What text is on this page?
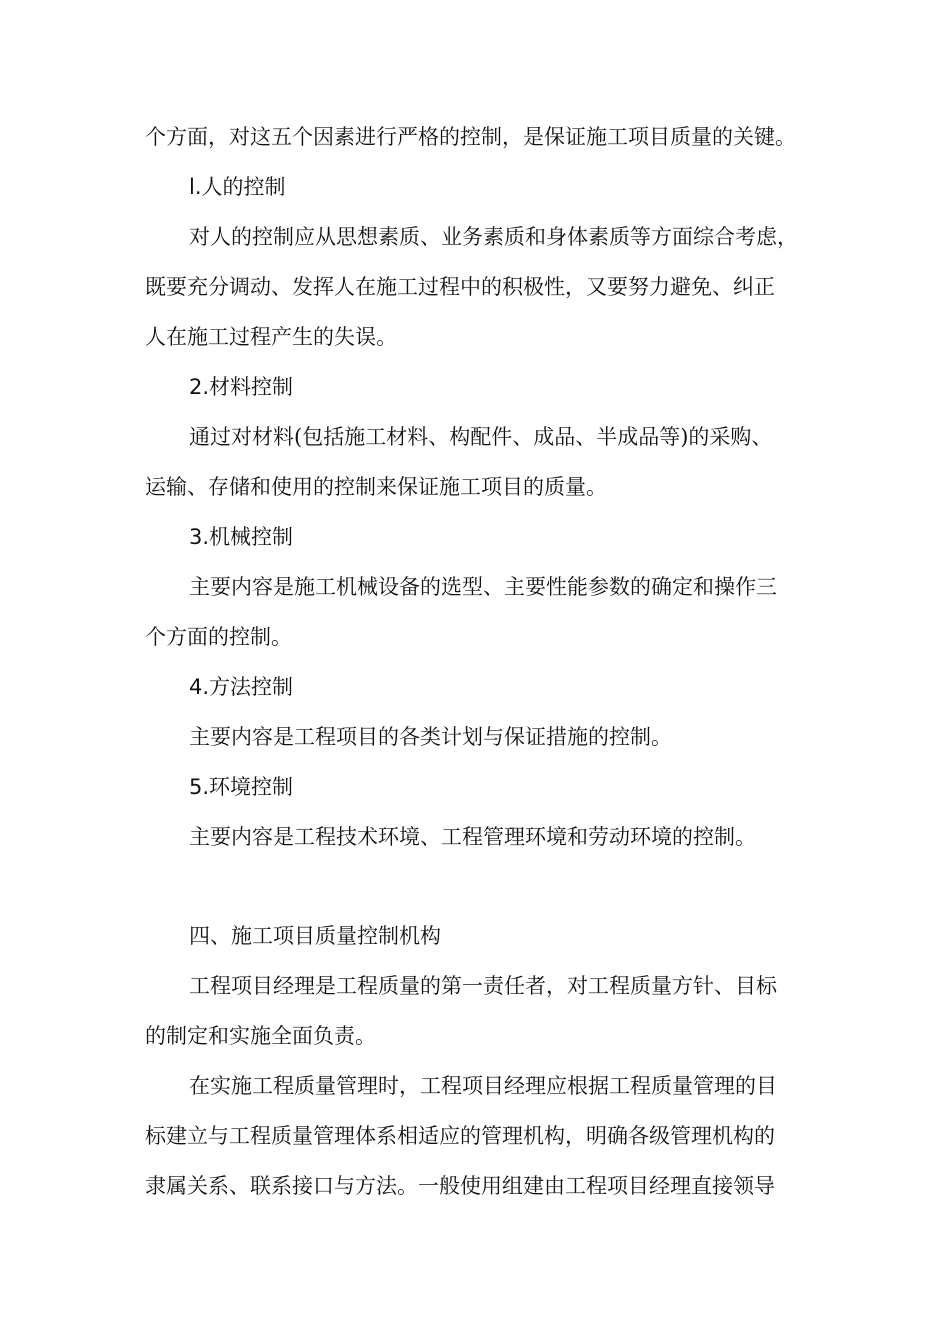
个方面，对这五个因素进行严格的控制，是保证施工项目质量的关键。
l.人的控制
对人的控制应从思想素质、业务素质和身体素质等方面综合考虑，
既要充分调动、发挥人在施工过程中的积极性，又要努力避免、纠正
人在施工过程产生的失误。
2.材料控制
通过对材料(包括施工材料、构配件、成品、半成品等)的采购、
运输、存储和使用的控制来保证施工项目的质量。
3.机械控制
主要内容是施工机械设备的选型、主要性能参数的确定和操作三
个方面的控制。
4.方法控制
主要内容是工程项目的各类计划与保证措施的控制。
5.环境控制
主要内容是工程技术环境、工程管理环境和劳动环境的控制。
四、施工项目质量控制机构
工程项目经理是工程质量的第一责任者，对工程质量方针、目标
的制定和实施全面负责。
在实施工程质量管理时，工程项目经理应根据工程质量管理的目
标建立与工程质量管理体系相适应的管理机构，明确各级管理机构的
隶属关系、联系接口与方法。一般使用组建由工程项目经理直接领导
